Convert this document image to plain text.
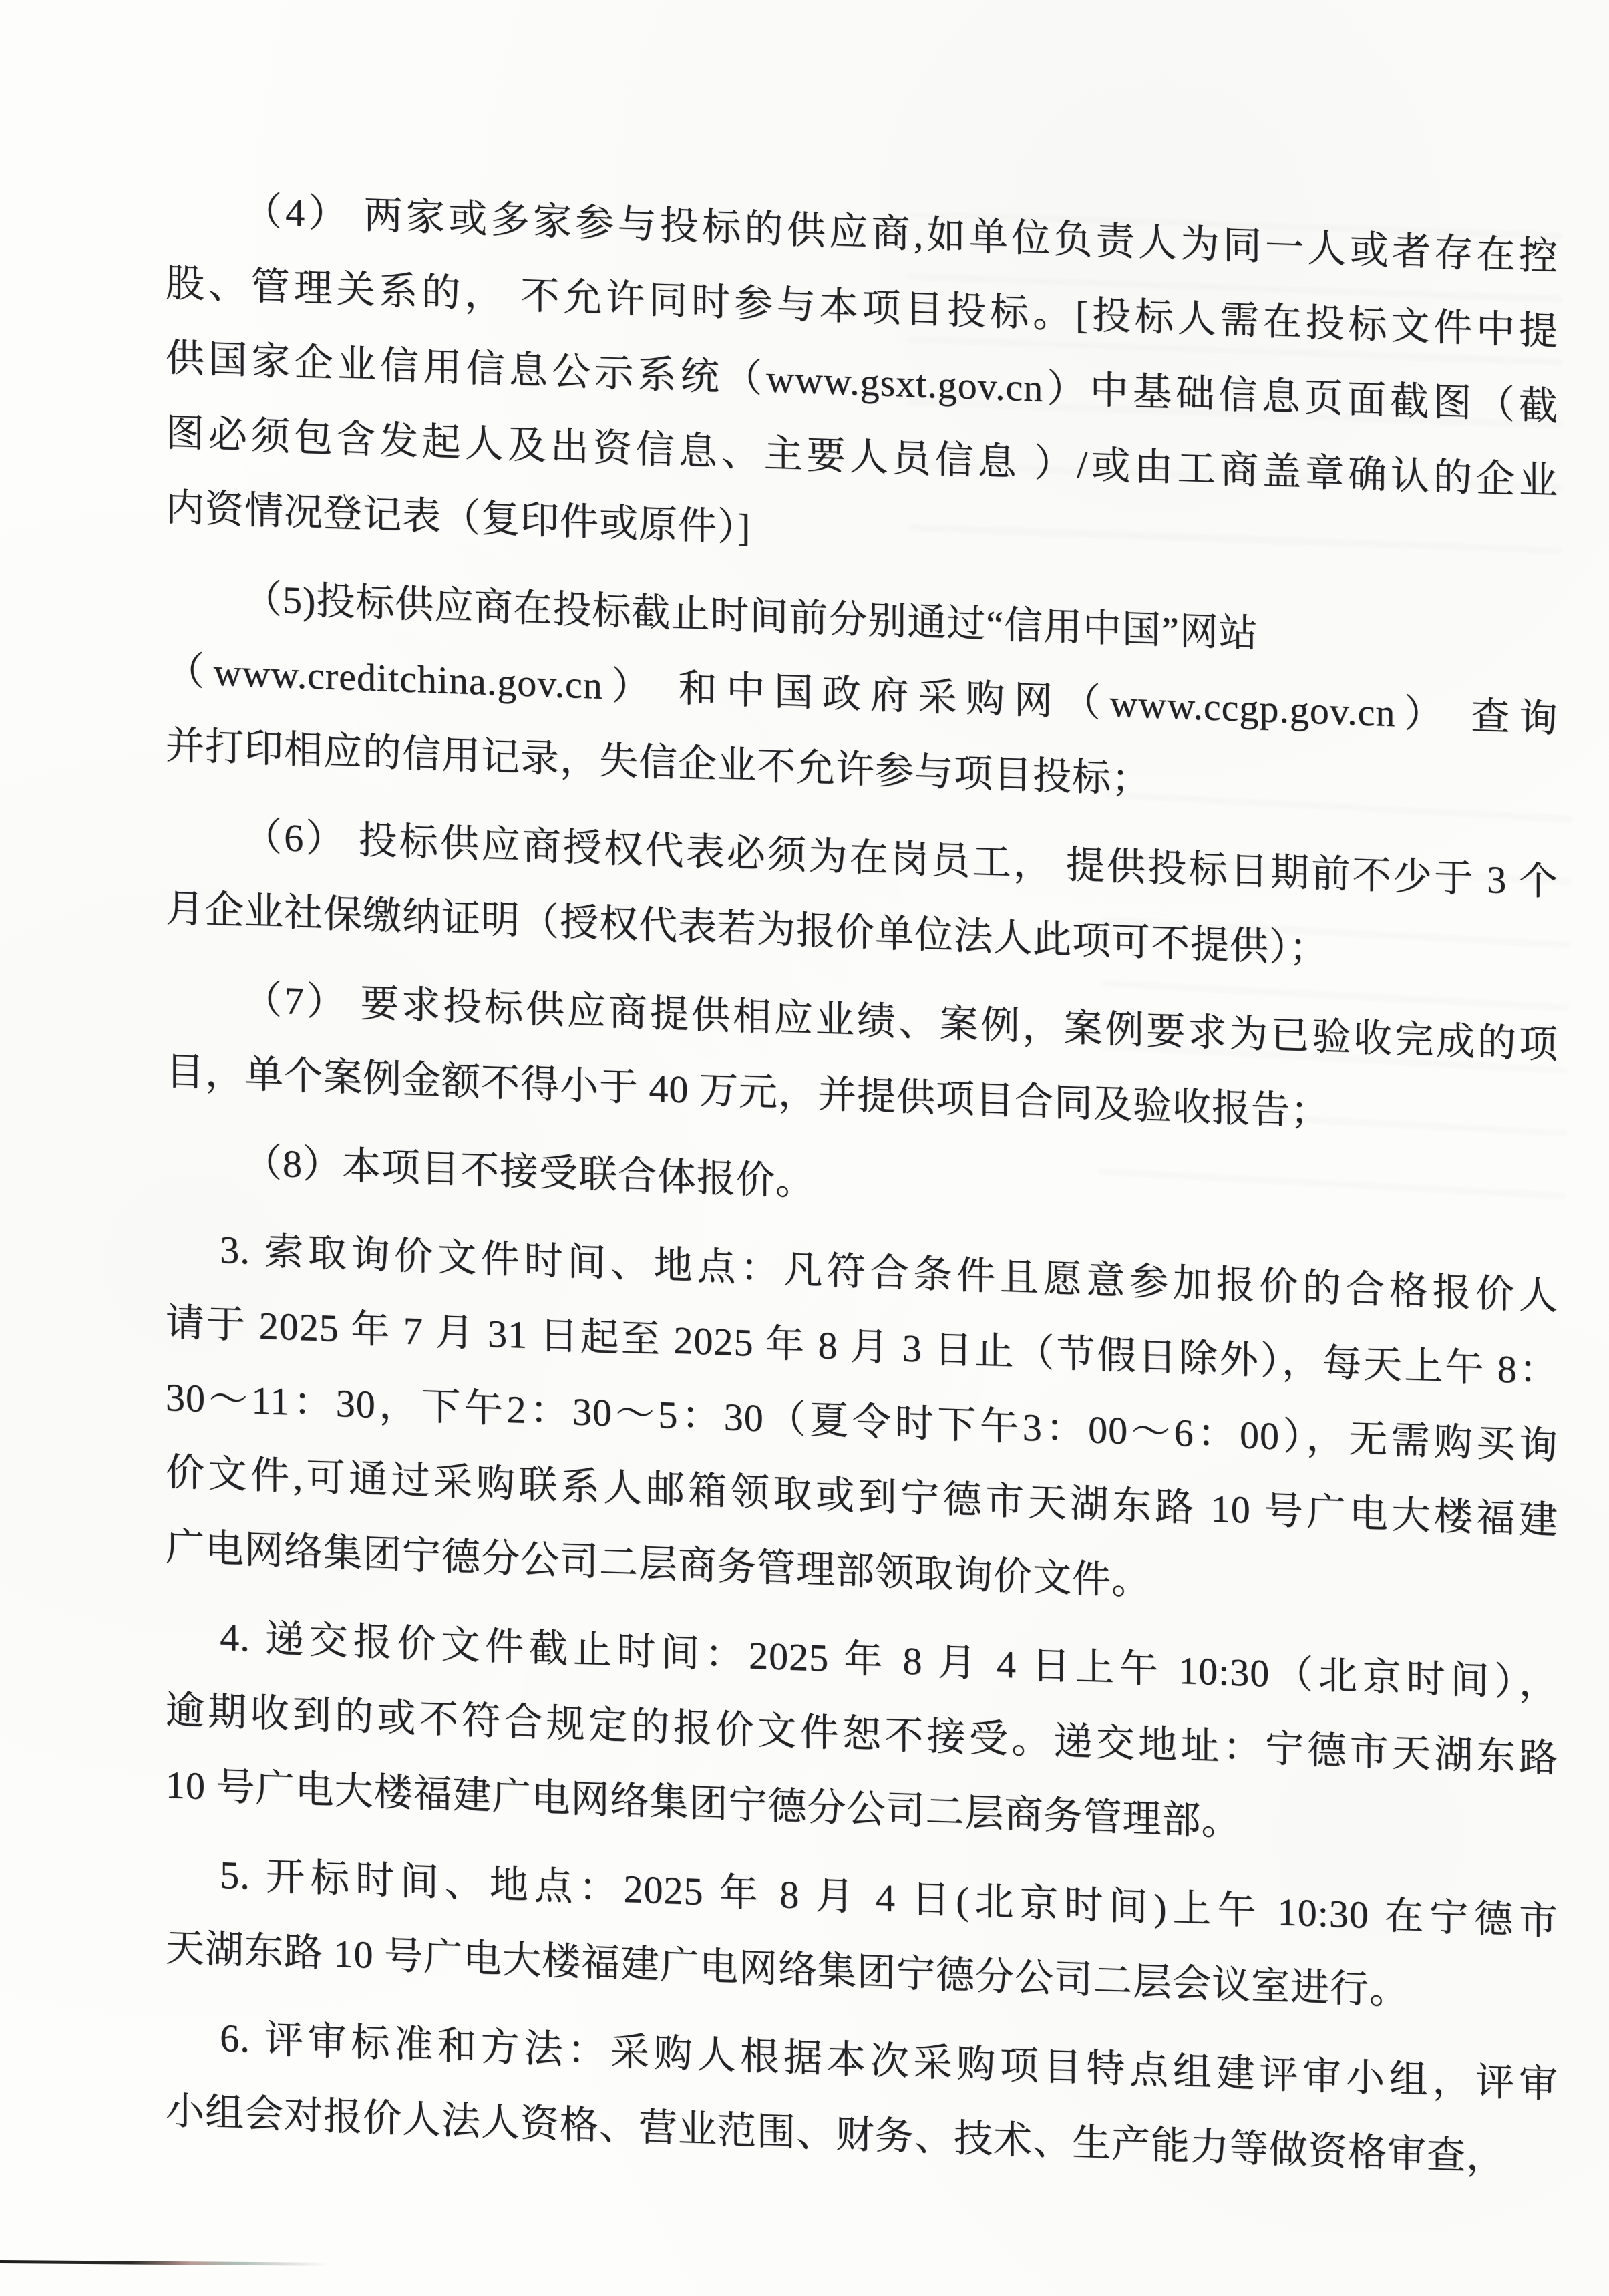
（4） 两家或多家参与投标的供应商,如单位负责人为同一人或者存在控
股、管理关系的， 不允许同时参与本项目投标。[投标人需在投标文件中提
供国家企业信用信息公示系统（www.gsxt.gov.cn）中基础信息页面截图（截
图必须包含发起人及出资信息、主要人员信息 ）/或由工商盖章确认的企业
内资情况登记表（复印件或原件）]
（5)投标供应商在投标截止时间前分别通过“信用中国”网站
（www.creditchina.gov.cn） 和中国政府采购网（www.ccgp.gov.cn） 查询
并打印相应的信用记录，失信企业不允许参与项目投标；
（6） 投标供应商授权代表必须为在岗员工， 提供投标日期前不少于 3 个
月企业社保缴纳证明（授权代表若为报价单位法人此项可不提供）；
（7） 要求投标供应商提供相应业绩、案例，案例要求为已验收完成的项
目，单个案例金额不得小于 40 万元，并提供项目合同及验收报告；
（8）本项目不接受联合体报价。
3. 索取询价文件时间、地点：凡符合条件且愿意参加报价的合格报价人
请于 2025 年 7 月 31 日起至 2025 年 8 月 3 日止（节假日除外），每天上午 8：
30～11：30，下午2：30～5：30（夏令时下午3：00～6：00），无需购买询
价文件,可通过采购联系人邮箱领取或到宁德市天湖东路 10 号广电大楼福建
广电网络集团宁德分公司二层商务管理部领取询价文件。
4. 递交报价文件截止时间：2025 年 8 月 4 日上午 10:30（北京时间），
逾期收到的或不符合规定的报价文件恕不接受。递交地址：宁德市天湖东路
10 号广电大楼福建广电网络集团宁德分公司二层商务管理部。
5. 开标时间、地点：2025 年 8 月 4 日(北京时间)上午 10:30 在宁德市
天湖东路 10 号广电大楼福建广电网络集团宁德分公司二层会议室进行。
6. 评审标准和方法：采购人根据本次采购项目特点组建评审小组，评审
小组会对报价人法人资格、营业范围、财务、技术、生产能力等做资格审查，
